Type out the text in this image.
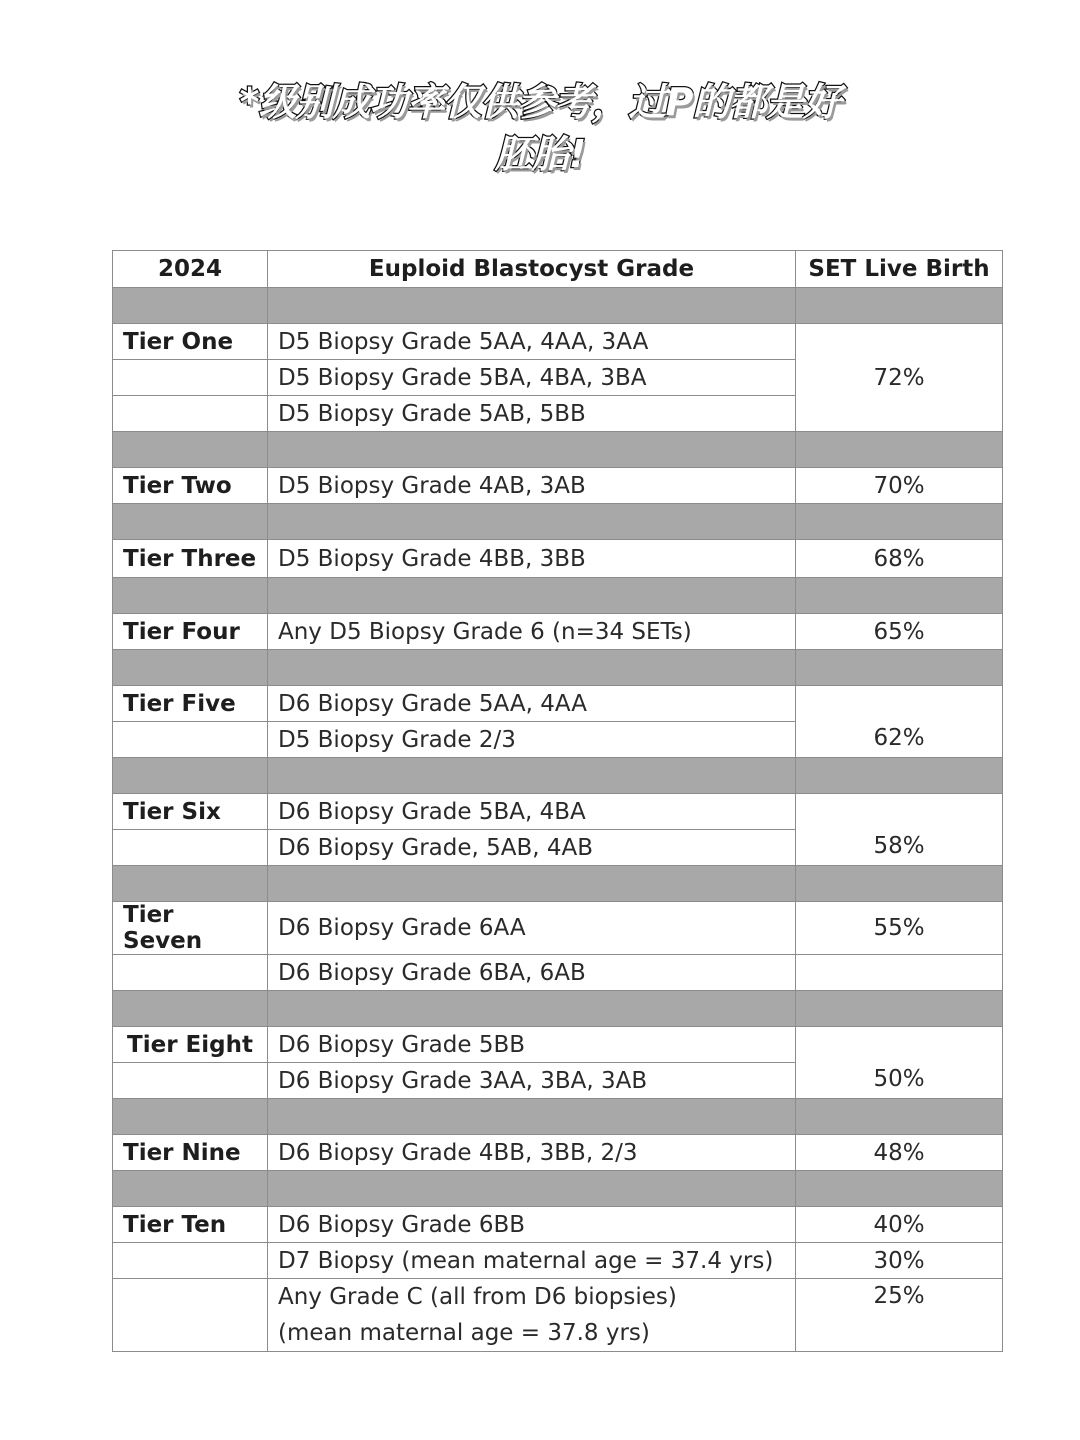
*级别成功率仅供参考，过P的都是好
胚胎!
2024	Euploid Blastocyst Grade	SET Live Birth

Tier One	D5 Biopsy Grade 5AA, 4AA, 3AA	72%
	D5 Biopsy Grade 5BA, 4BA, 3BA	
	D5 Biopsy Grade 5AB, 5BB	

Tier Two	D5 Biopsy Grade 4AB, 3AB	70%

Tier Three	D5 Biopsy Grade 4BB, 3BB	68%

Tier Four	Any D5 Biopsy Grade 6 (n=34 SETs)	65%

Tier Five	D6 Biopsy Grade 5AA, 4AA	62%
	D5 Biopsy Grade 2/3	

Tier Six	D6 Biopsy Grade 5BA, 4BA	58%
	D6 Biopsy Grade, 5AB, 4AB	

Tier Seven	D6 Biopsy Grade 6AA	55%
	D6 Biopsy Grade 6BA, 6AB	

Tier Eight	D6 Biopsy Grade 5BB	50%
	D6 Biopsy Grade 3AA, 3BA, 3AB	

Tier Nine	D6 Biopsy Grade 4BB, 3BB, 2/3	48%

Tier Ten	D6 Biopsy Grade 6BB	40%
	D7 Biopsy (mean maternal age = 37.4 yrs)	30%

	Any Grade C (all from D6 biopsies)
(mean maternal age = 37.8 yrs)	25%
